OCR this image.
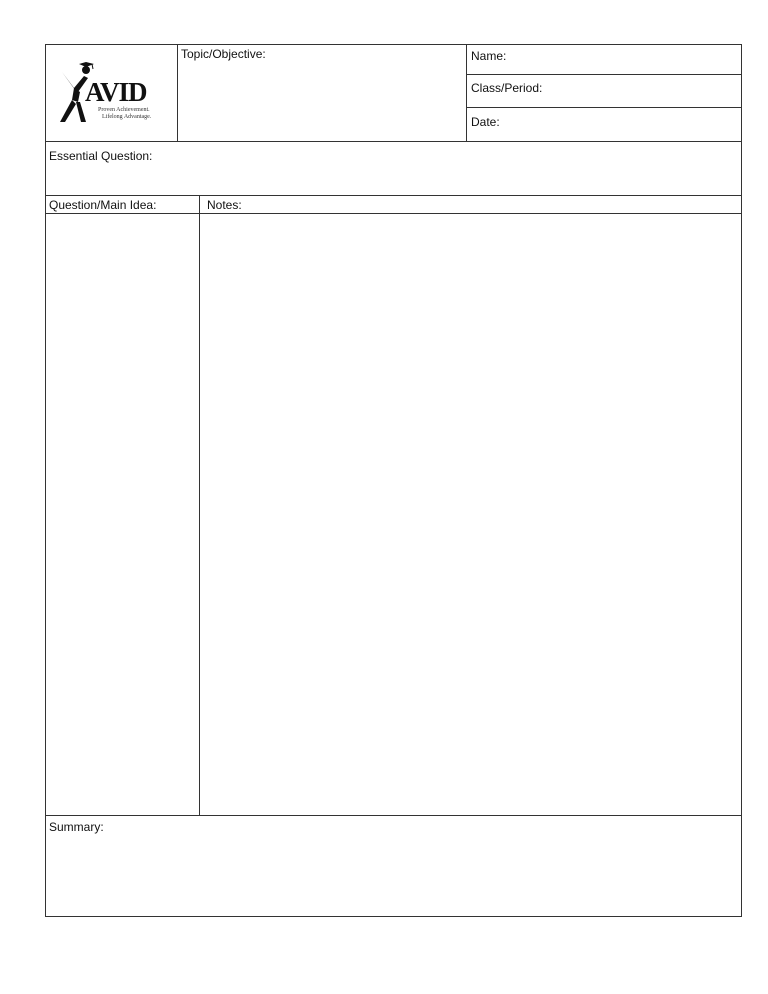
AVID
Proven Achievement.
Lifelong Advantage.
Topic/Objective:	Name:
Class/Period:
Date:
Essential Question:
Question/Main Idea:	Notes:
Summary:
